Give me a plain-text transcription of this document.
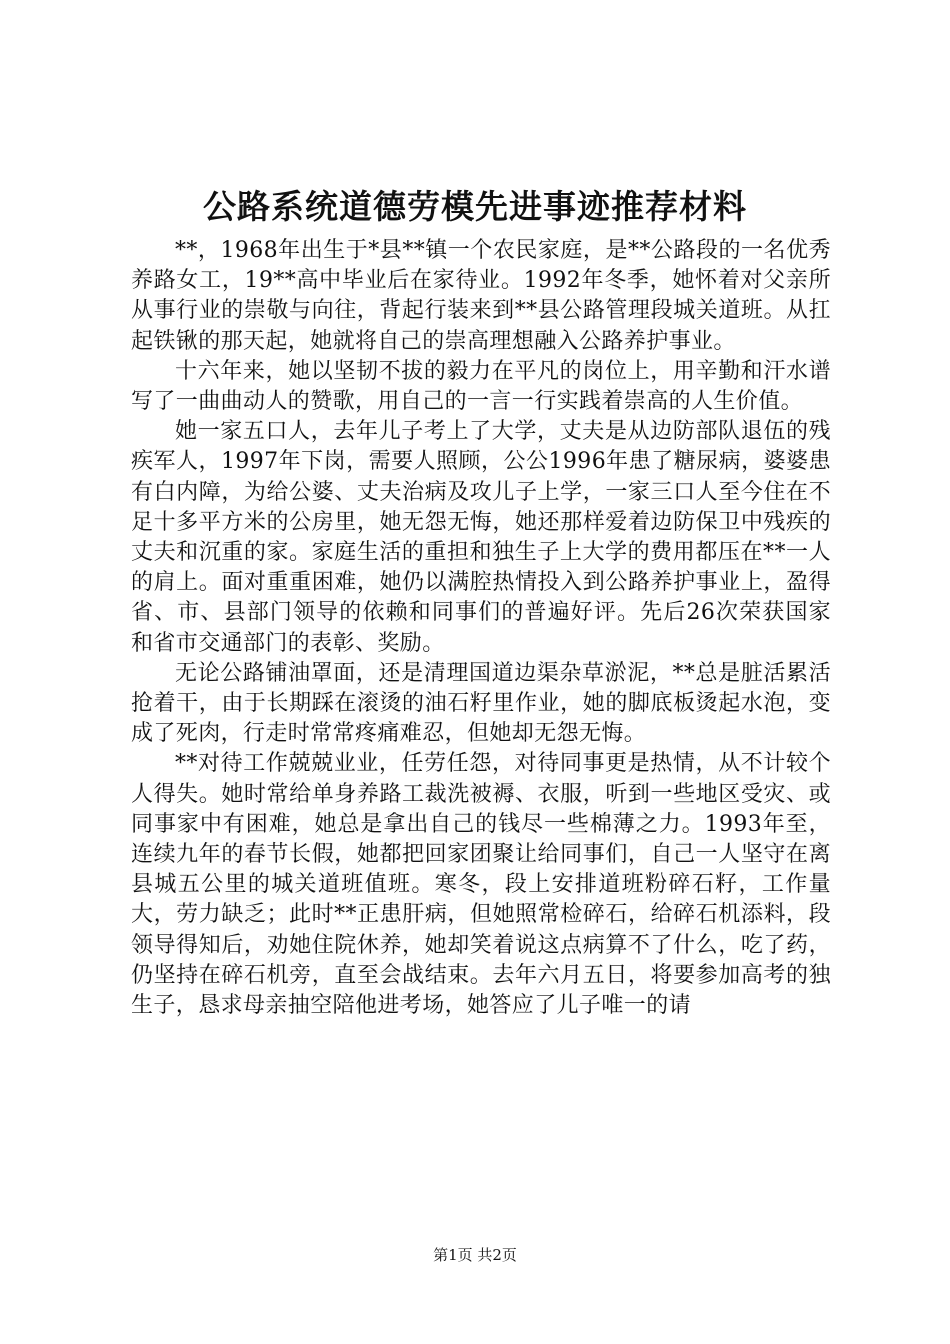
公路系统道德劳模先进事迹推荐材料

**，1968年出生于*县**镇一个农民家庭，是**公路段的一名优秀养路女工，19**高中毕业后在家待业。1992年冬季，她怀着对父亲所从事行业的崇敬与向往，背起行装来到**县公路管理段城关道班。从扛起铁锹的那天起，她就将自己的崇高理想融入公路养护事业。

十六年来，她以坚韧不拔的毅力在平凡的岗位上，用辛勤和汗水谱写了一曲曲动人的赞歌，用自己的一言一行实践着崇高的人生价值。

她一家五口人，去年儿子考上了大学，丈夫是从边防部队退伍的残疾军人，1997年下岗，需要人照顾，公公1996年患了糖尿病，婆婆患有白内障，为给公婆、丈夫治病及攻儿子上学，一家三口人至今住在不足十多平方米的公房里，她无怨无悔，她还那样爱着边防保卫中残疾的丈夫和沉重的家。家庭生活的重担和独生子上大学的费用都压在**一人的肩上。面对重重困难，她仍以满腔热情投入到公路养护事业上，盈得省、市、县部门领导的依赖和同事们的普遍好评。先后26次荣获国家和省市交通部门的表彰、奖励。

无论公路铺油罩面，还是清理国道边渠杂草淤泥，**总是脏活累活抢着干，由于长期踩在滚烫的油石籽里作业，她的脚底板烫起水泡，变成了死肉，行走时常常疼痛难忍，但她却无怨无悔。

**对待工作兢兢业业，任劳任怨，对待同事更是热情，从不计较个人得失。她时常给单身养路工裁洗被褥、衣服，听到一些地区受灾、或同事家中有困难，她总是拿出自己的钱尽一些棉薄之力。1993年至，连续九年的春节长假，她都把回家团聚让给同事们，自己一人坚守在离县城五公里的城关道班值班。寒冬，段上安排道班粉碎石籽，工作量大，劳力缺乏；此时**正患肝病，但她照常检碎石，给碎石机添料，段领导得知后，劝她住院休养，她却笑着说这点病算不了什么，吃了药，仍坚持在碎石机旁，直至会战结束。去年六月五日，将要参加高考的独生子，恳求母亲抽空陪他进考场，她答应了儿子唯一的请

第1页 共2页
